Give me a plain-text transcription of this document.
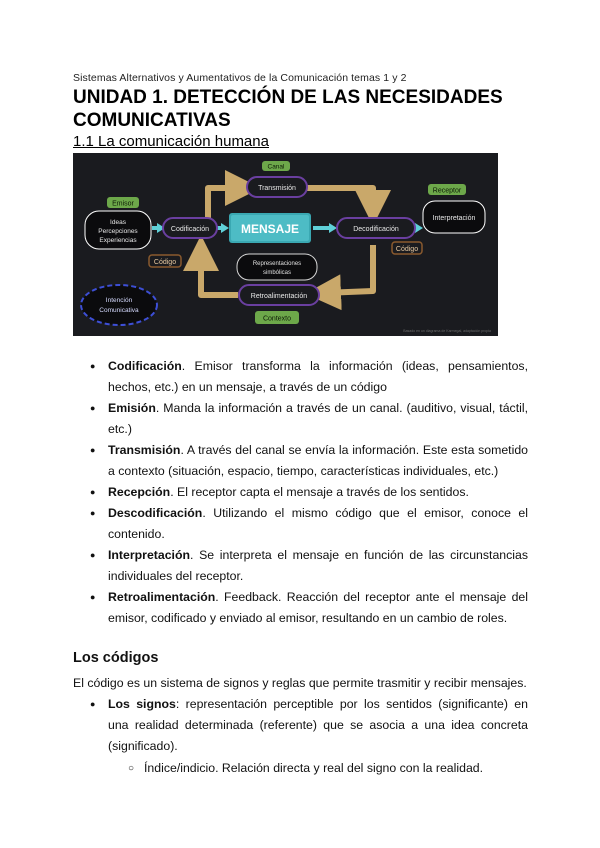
Sistemas Alternativos y Aumentativos de la Comunicación temas 1 y 2
UNIDAD 1. DETECCIÓN DE LAS NECESIDADES COMUNICATIVAS
1.1 La comunicación humana
Emisor
Ideas
Percepciones
Experiencias
Código
Codificación	MENSAJE
Canal
Transmisión
Decodificación
Código
Receptor
Interpretación
Representaciones
simbólicas
Retroalimentación
Contexto
Intención
Comunicativa
Basado en un diagrama de Karmegal, adaptación propia
● Codificación. Emisor transforma la información (ideas, pensamientos, hechos, etc.) en un mensaje, a través de un código
● Emisión. Manda la información a través de un canal. (auditivo, visual, táctil, etc.)
● Transmisión. A través del canal se envía la información. Este esta sometido a contexto (situación, espacio, tiempo, características individuales, etc.)
● Recepción. El receptor capta el mensaje a través de los sentidos.
● Descodificación. Utilizando el mismo código que el emisor, conoce el contenido.
● Interpretación. Se interpreta el mensaje en función de las circunstancias individuales del receptor.
● Retroalimentación. Feedback. Reacción del receptor ante el mensaje del emisor, codificado y enviado al emisor, resultando en un cambio de roles.
Los códigos
El código es un sistema de signos y reglas que permite trasmitir y recibir mensajes.
● Los signos: representación perceptible por los sentidos (significante) en una realidad determinada (referente) que se asocia a una idea concreta (significado).
○ Índice/indicio. Relación directa y real del signo con la realidad.
